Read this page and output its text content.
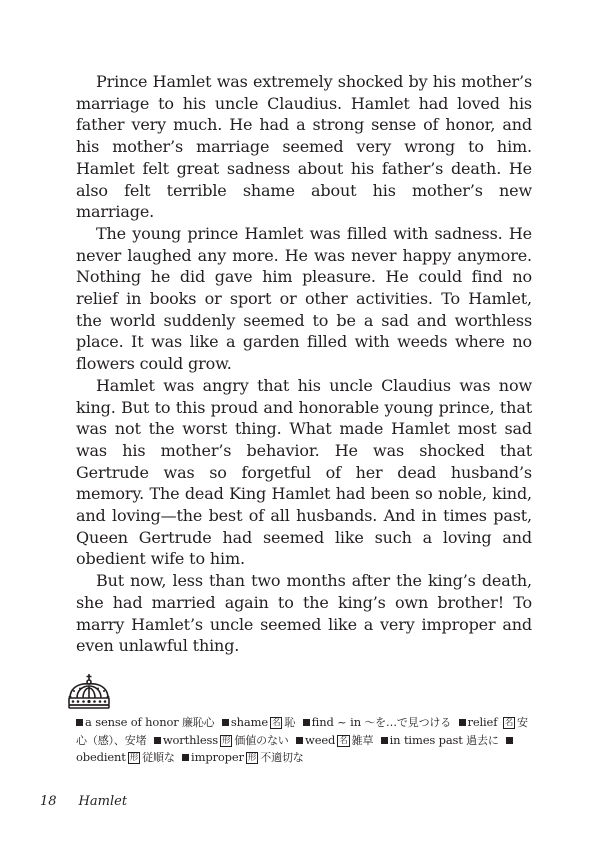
Prince Hamlet was extremely shocked by his mother’s marriage to his uncle Claudius. Hamlet had loved his father very much. He had a strong sense of honor, and his mother’s marriage seemed very wrong to him. Hamlet felt great sadness about his father’s death. He also felt terrible shame about his mother’s new marriage.

The young prince Hamlet was filled with sadness. He never laughed any more. He was never happy anymore. Nothing he did gave him pleasure. He could find no relief in books or sport or other activities. To Hamlet, the world suddenly seemed to be a sad and worthless place. It was like a garden filled with weeds where no flowers could grow.

Hamlet was angry that his uncle Claudius was now king. But to this proud and honorable young prince, that was not the worst thing. What made Hamlet most sad was his mother’s behavior. He was shocked that Gertrude was so forgetful of her dead husband’s memory. The dead King Hamlet had been so noble, kind, and loving—the best of all husbands. And in times past, Queen Gertrude had seemed like such a loving and obedient wife to him.

But now, less than two months after the king’s death, she had married again to the king’s own brother! To marry Hamlet’s uncle seemed like a very improper and even unlawful thing.

a sense of honor 廉恥心 shame 名 恥 find ~ in ～を…で見つける relief 名 安心（感）、安堵 worthless 形 価値のない weed 名 雑草 in times past 過去に obedient 形 従順な improper 形 不適切な
18 Hamlet
